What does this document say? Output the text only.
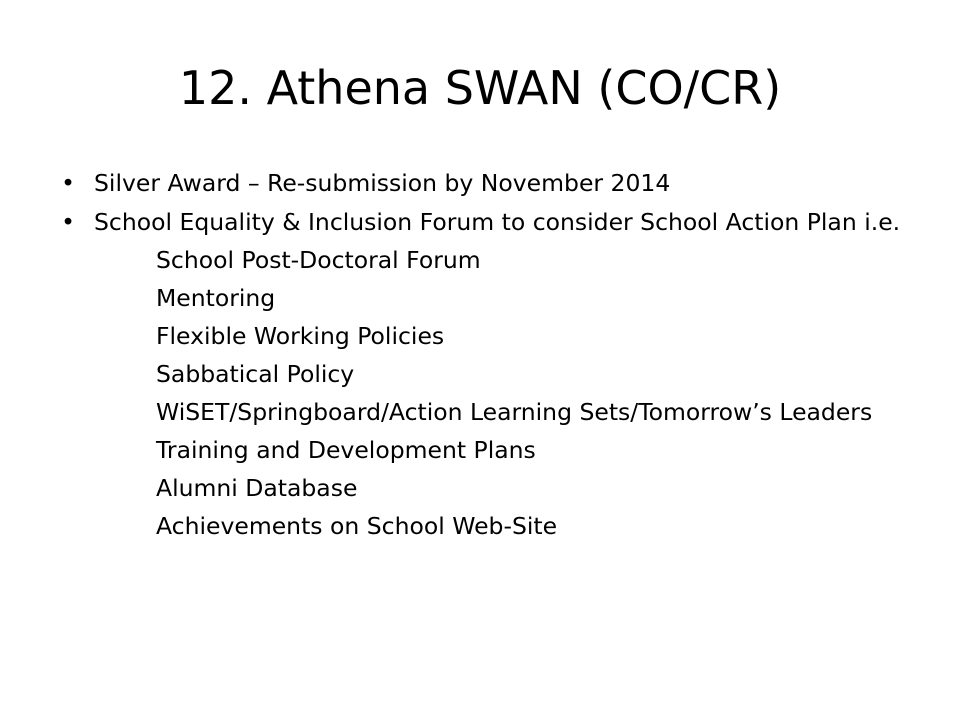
12. Athena SWAN (CO/CR)
• Silver Award – Re-submission by November 2014
• School Equality & Inclusion Forum to consider School Action Plan i.e.
School Post-Doctoral Forum
Mentoring
Flexible Working Policies
Sabbatical Policy
WiSET/Springboard/Action Learning Sets/Tomorrow’s Leaders
Training and Development Plans
Alumni Database
Achievements on School Web-Site
